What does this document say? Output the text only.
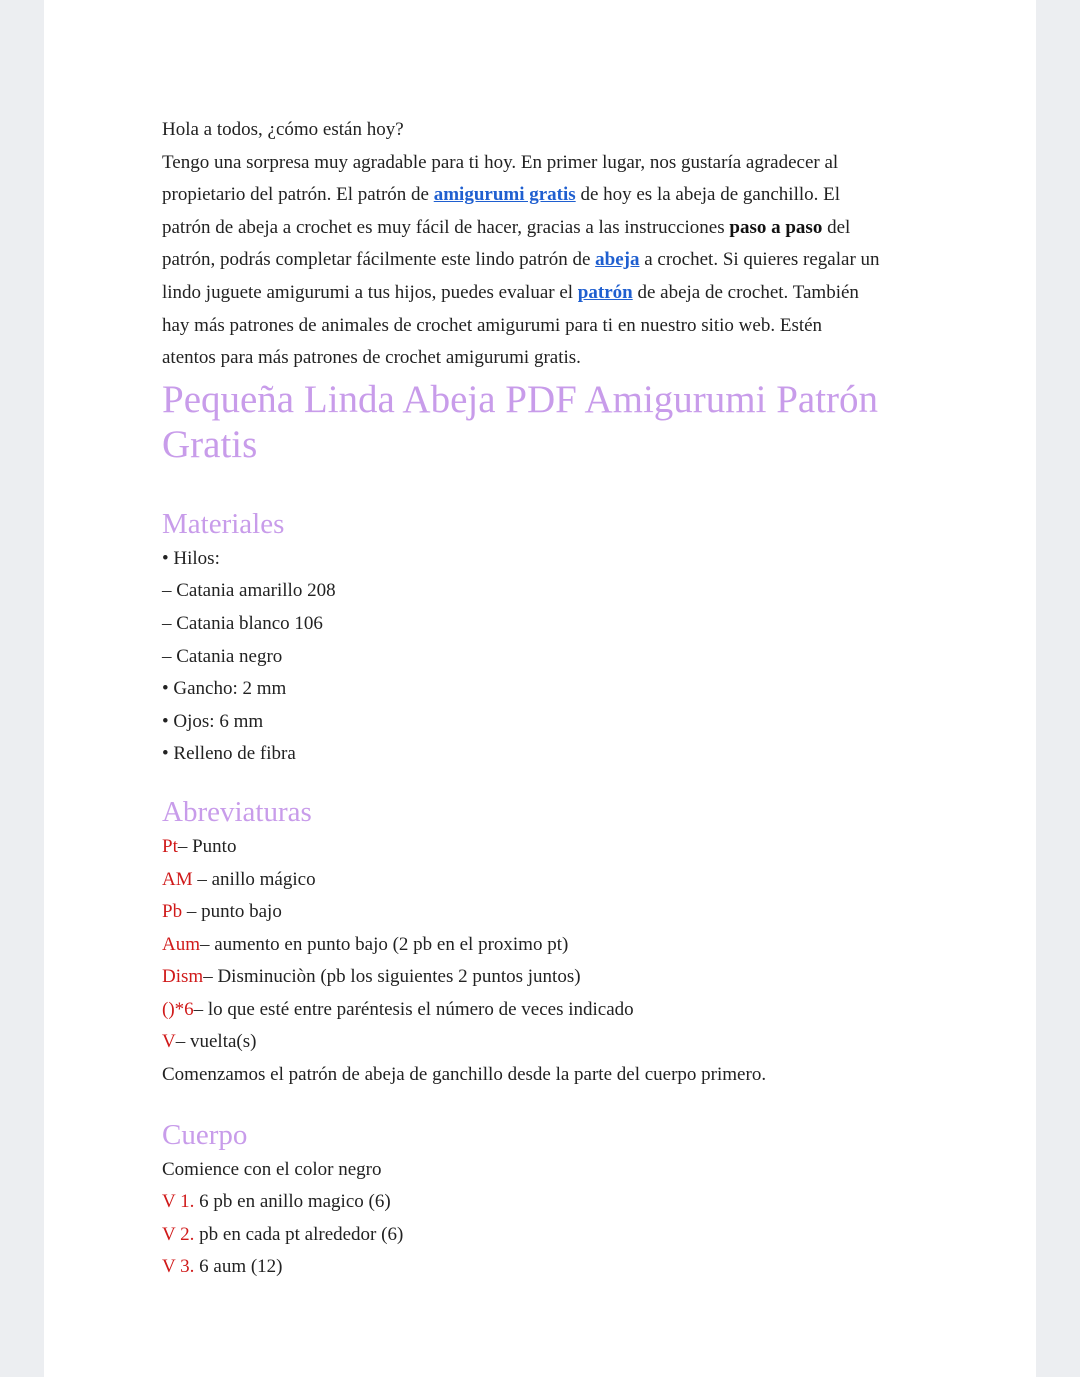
Hola a todos, ¿cómo están hoy?
Tengo una sorpresa muy agradable para ti hoy. En primer lugar, nos gustaría agradecer al
propietario del patrón. El patrón de amigurumi gratis de hoy es la abeja de ganchillo. El
patrón de abeja a crochet es muy fácil de hacer, gracias a las instrucciones paso a paso del
patrón, podrás completar fácilmente este lindo patrón de abeja a crochet. Si quieres regalar un
lindo juguete amigurumi a tus hijos, puedes evaluar el patrón de abeja de crochet. También
hay más patrones de animales de crochet amigurumi para ti en nuestro sitio web. Estén
atentos para más patrones de crochet amigurumi gratis.
Pequeña Linda Abeja PDF Amigurumi Patrón Gratis
Materiales
• Hilos:
– Catania amarillo 208
– Catania blanco 106
– Catania negro
• Gancho: 2 mm
• Ojos: 6 mm
• Relleno de fibra
Abreviaturas
Pt– Punto
AM – anillo mágico
Pb – punto bajo
Aum– aumento en punto bajo (2 pb en el proximo pt)
Dism– Disminuciòn (pb los siguientes 2 puntos juntos)
()*6– lo que esté entre paréntesis el número de veces indicado
V– vuelta(s)
Comenzamos el patrón de abeja de ganchillo desde la parte del cuerpo primero.
Cuerpo
Comience con el color negro
V 1. 6 pb en anillo magico (6)
V 2. pb en cada pt alrededor (6)
V 3. 6 aum (12)
